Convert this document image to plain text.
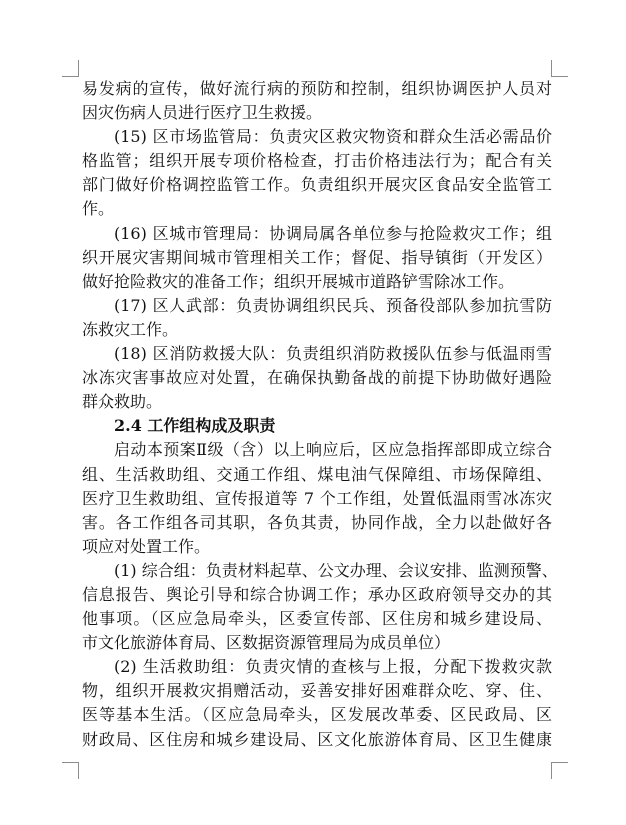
易发病的宣传，做好流行病的预防和控制，组织协调医护人员对
因灾伤病人员进行医疗卫生救援。
(15) 区市场监管局：负责灾区救灾物资和群众生活必需品价
格监管；组织开展专项价格检查，打击价格违法行为；配合有关
部门做好价格调控监管工作。负责组织开展灾区食品安全监管工
作。
(16) 区城市管理局：协调局属各单位参与抢险救灾工作；组
织开展灾害期间城市管理相关工作；督促、指导镇街（开发区）
做好抢险救灾的准备工作；组织开展城市道路铲雪除冰工作。
(17) 区人武部：负责协调组织民兵、预备役部队参加抗雪防
冻救灾工作。
(18) 区消防救援大队：负责组织消防救援队伍参与低温雨雪
冰冻灾害事故应对处置，在确保执勤备战的前提下协助做好遇险
群众救助。
2.4 工作组构成及职责
启动本预案Ⅱ级（含）以上响应后，区应急指挥部即成立综合
组、生活救助组、交通工作组、煤电油气保障组、市场保障组、
医疗卫生救助组、宣传报道等 7 个工作组，处置低温雨雪冰冻灾
害。各工作组各司其职，各负其责，协同作战，全力以赴做好各
项应对处置工作。
(1) 综合组：负责材料起草、公文办理、会议安排、监测预警、
信息报告、舆论引导和综合协调工作；承办区政府领导交办的其
他事项。（区应急局牵头，区委宣传部、区住房和城乡建设局、
市文化旅游体育局、区数据资源管理局为成员单位）
(2) 生活救助组：负责灾情的查核与上报，分配下拨救灾款
物，组织开展救灾捐赠活动，妥善安排好困难群众吃、穿、住、
医等基本生活。（区应急局牵头，区发展改革委、区民政局、区
财政局、区住房和城乡建设局、区文化旅游体育局、区卫生健康
